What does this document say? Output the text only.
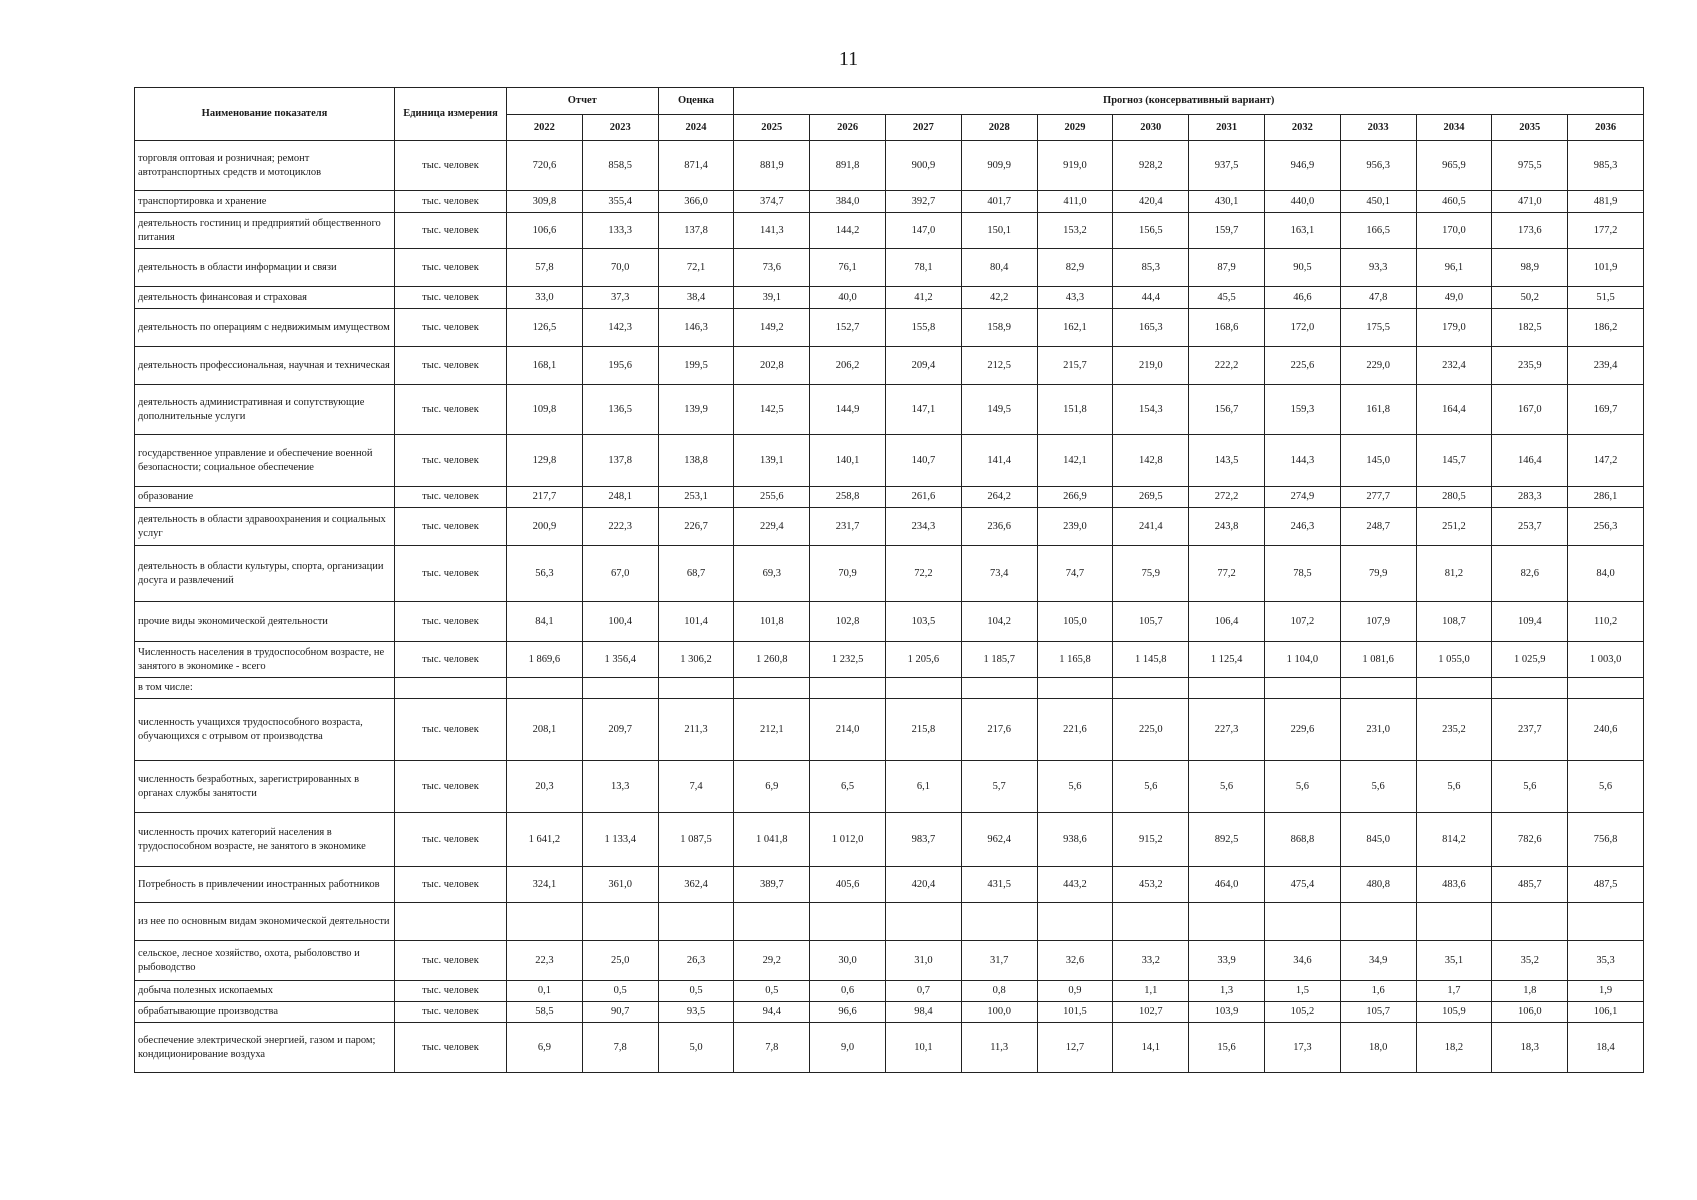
11
Наименование показателя	Единица измерения	Отчет		Оценка	Прогноз (консервативный вариант)											
		2022	2023	2024	2025	2026	2027	2028	2029	2030	2031	2032	2033	2034	2035	2036
торговля оптовая и розничная; ремонт автотранспортных средств и мотоциклов	тыс. человек	720,6	858,5	871,4	881,9	891,8	900,9	909,9	919,0	928,2	937,5	946,9	956,3	965,9	975,5	985,3
транспортировка и хранение	тыс. человек	309,8	355,4	366,0	374,7	384,0	392,7	401,7	411,0	420,4	430,1	440,0	450,1	460,5	471,0	481,9
деятельность гостиниц и предприятий общественного питания	тыс. человек	106,6	133,3	137,8	141,3	144,2	147,0	150,1	153,2	156,5	159,7	163,1	166,5	170,0	173,6	177,2
деятельность в области информации и связи	тыс. человек	57,8	70,0	72,1	73,6	76,1	78,1	80,4	82,9	85,3	87,9	90,5	93,3	96,1	98,9	101,9
деятельность финансовая и страховая	тыс. человек	33,0	37,3	38,4	39,1	40,0	41,2	42,2	43,3	44,4	45,5	46,6	47,8	49,0	50,2	51,5
деятельность по операциям с недвижимым имуществом	тыс. человек	126,5	142,3	146,3	149,2	152,7	155,8	158,9	162,1	165,3	168,6	172,0	175,5	179,0	182,5	186,2
деятельность профессиональная, научная и техническая	тыс. человек	168,1	195,6	199,5	202,8	206,2	209,4	212,5	215,7	219,0	222,2	225,6	229,0	232,4	235,9	239,4
деятельность административная и сопутствующие дополнительные услуги	тыс. человек	109,8	136,5	139,9	142,5	144,9	147,1	149,5	151,8	154,3	156,7	159,3	161,8	164,4	167,0	169,7
государственное управление и обеспечение военной безопасности; социальное обеспечение	тыс. человек	129,8	137,8	138,8	139,1	140,1	140,7	141,4	142,1	142,8	143,5	144,3	145,0	145,7	146,4	147,2
образование	тыс. человек	217,7	248,1	253,1	255,6	258,8	261,6	264,2	266,9	269,5	272,2	274,9	277,7	280,5	283,3	286,1
деятельность в области здравоохранения и социальных услуг	тыс. человек	200,9	222,3	226,7	229,4	231,7	234,3	236,6	239,0	241,4	243,8	246,3	248,7	251,2	253,7	256,3
деятельность в области культуры, спорта, организации досуга и развлечений	тыс. человек	56,3	67,0	68,7	69,3	70,9	72,2	73,4	74,7	75,9	77,2	78,5	79,9	81,2	82,6	84,0
прочие виды экономической деятельности	тыс. человек	84,1	100,4	101,4	101,8	102,8	103,5	104,2	105,0	105,7	106,4	107,2	107,9	108,7	109,4	110,2
Численность населения в трудоспособном возрасте, не занятого в экономике - всего	тыс. человек	1 869,6	1 356,4	1 306,2	1 260,8	1 232,5	1 205,6	1 185,7	1 165,8	1 145,8	1 125,4	1 104,0	1 081,6	1 055,0	1 025,9	1 003,0
в том числе:																
численность учащихся трудоспособного возраста, обучающихся с отрывом от производства	тыс. человек	208,1	209,7	211,3	212,1	214,0	215,8	217,6	221,6	225,0	227,3	229,6	231,0	235,2	237,7	240,6
численность безработных, зарегистрированных в органах службы занятости	тыс. человек	20,3	13,3	7,4	6,9	6,5	6,1	5,7	5,6	5,6	5,6	5,6	5,6	5,6	5,6	5,6
численность прочих категорий населения в трудоспособном возрасте, не занятого в экономике	тыс. человек	1 641,2	1 133,4	1 087,5	1 041,8	1 012,0	983,7	962,4	938,6	915,2	892,5	868,8	845,0	814,2	782,6	756,8
Потребность в привлечении иностранных работников	тыс. человек	324,1	361,0	362,4	389,7	405,6	420,4	431,5	443,2	453,2	464,0	475,4	480,8	483,6	485,7	487,5
из нее по основным видам экономической деятельности																
сельское, лесное хозяйство, охота, рыболовство и рыбоводство	тыс. человек	22,3	25,0	26,3	29,2	30,0	31,0	31,7	32,6	33,2	33,9	34,6	34,9	35,1	35,2	35,3
добыча полезных ископаемых	тыс. человек	0,1	0,5	0,5	0,5	0,6	0,7	0,8	0,9	1,1	1,3	1,5	1,6	1,7	1,8	1,9
обрабатывающие производства	тыс. человек	58,5	90,7	93,5	94,4	96,6	98,4	100,0	101,5	102,7	103,9	105,2	105,7	105,9	106,0	106,1
обеспечение электрической энергией, газом и паром; кондиционирование воздуха	тыс. человек	6,9	7,8	5,0	7,8	9,0	10,1	11,3	12,7	14,1	15,6	17,3	18,0	18,2	18,3	18,4
